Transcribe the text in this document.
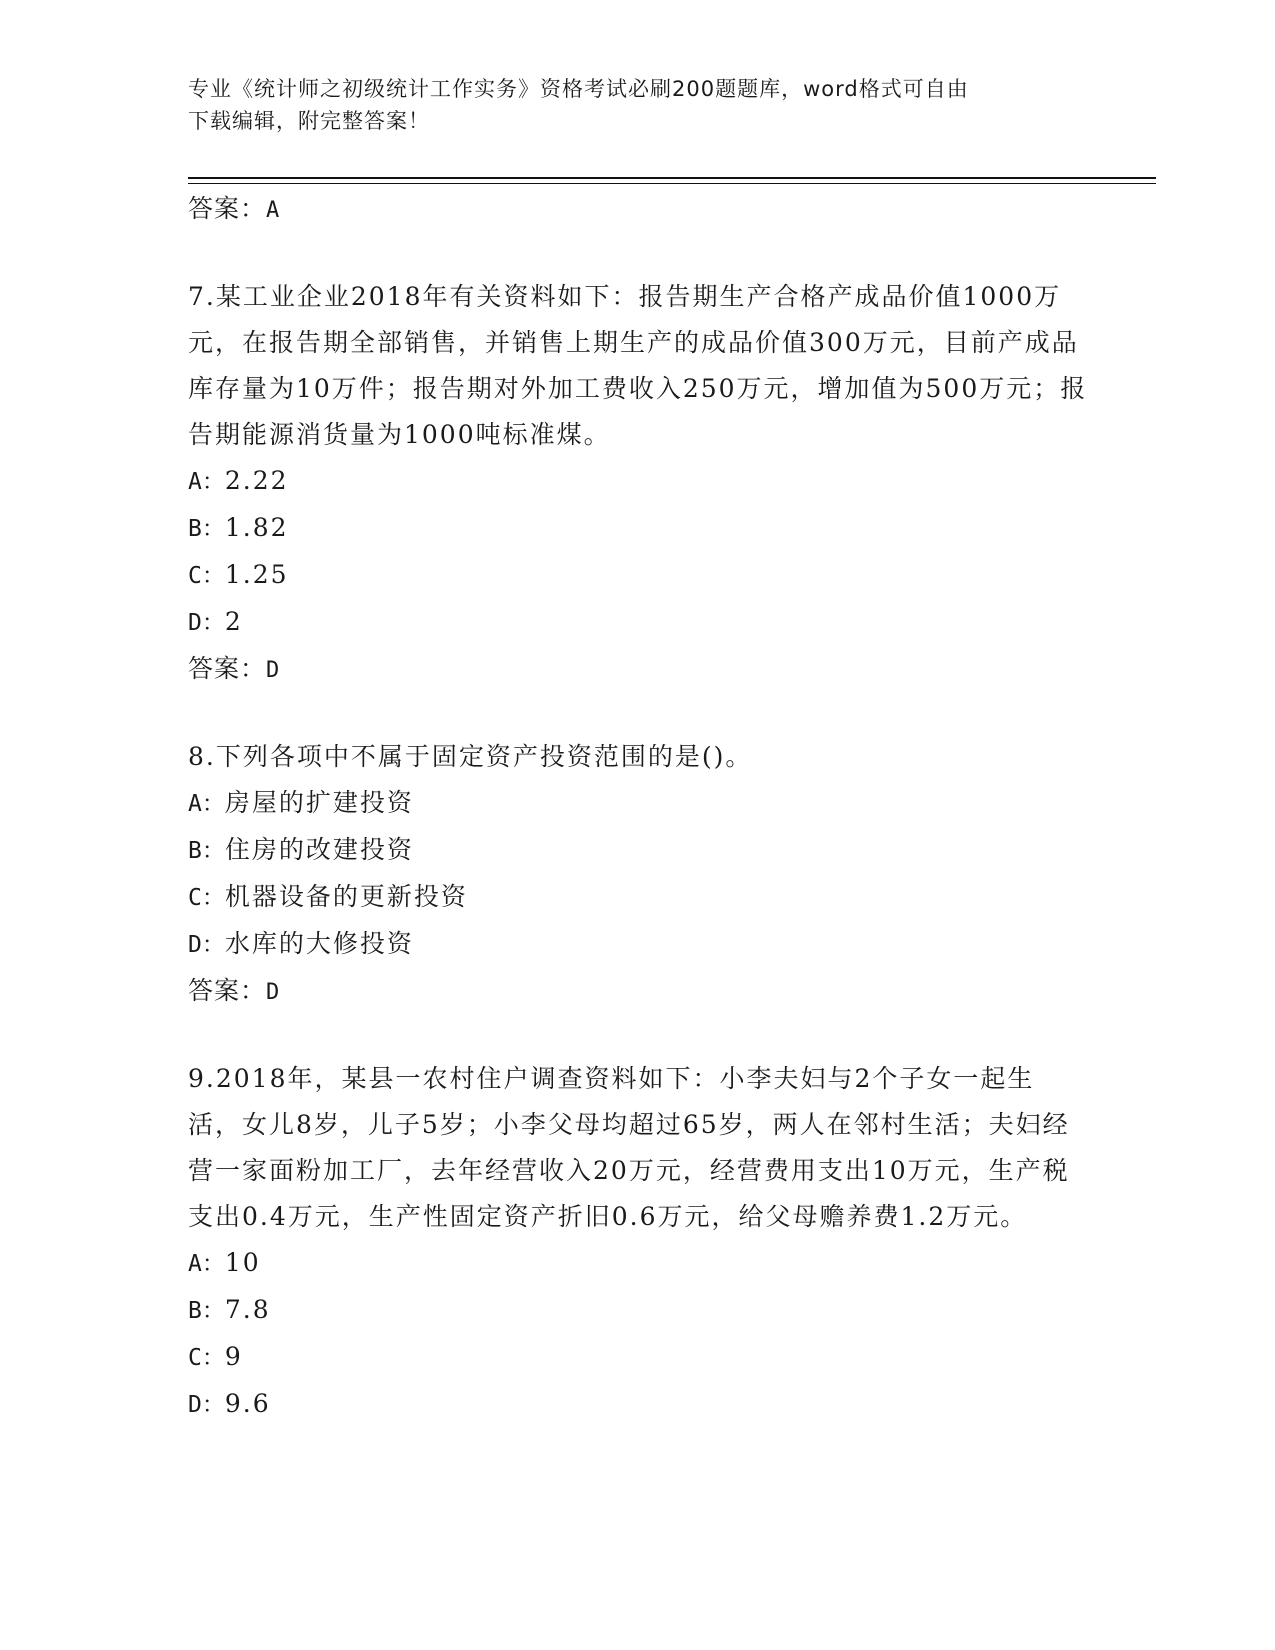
专业《统计师之初级统计工作实务》资格考试必刷200题题库，word格式可自由
下载编辑，附完整答案！
答案：A
7.某工业企业2018年有关资料如下：报告期生产合格产成品价值1000万元，在报告期全部销售，并销售上期生产的成品价值300万元，目前产成品库存量为10万件；报告期对外加工费收入250万元，增加值为500万元；报告期能源消货量为1000吨标准煤。
A：2.22
B：1.82
C：1.25
D：2
答案：D
8.下列各项中不属于固定资产投资范围的是()。
A：房屋的扩建投资
B：住房的改建投资
C：机器设备的更新投资
D：水库的大修投资
答案：D
9.2018年，某县一农村住户调查资料如下：小李夫妇与2个子女一起生活，女儿8岁，儿子5岁；小李父母均超过65岁，两人在邻村生活；夫妇经营一家面粉加工厂，去年经营收入20万元，经营费用支出10万元，生产税支出0.4万元，生产性固定资产折旧0.6万元，给父母赡养费1.2万元。
A：10
B：7.8
C：9
D：9.6
